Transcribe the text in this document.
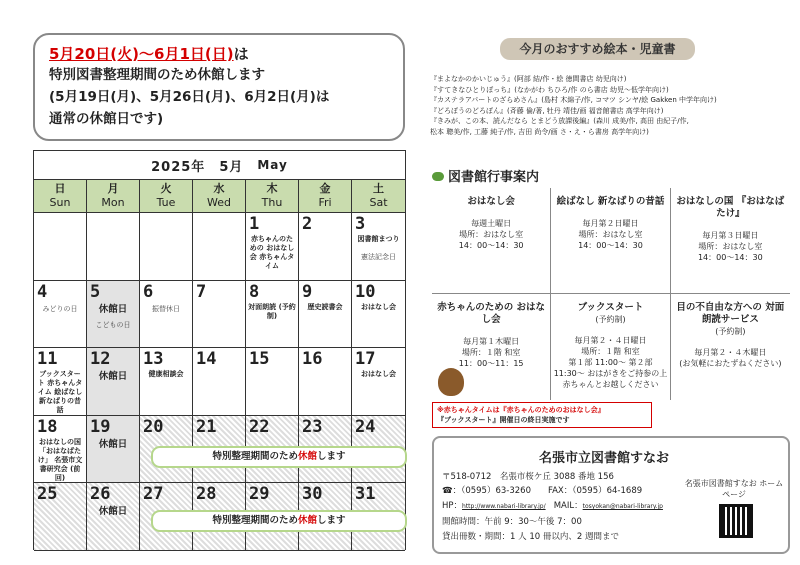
5月20日(火)〜6月1日(日)は
特別図書整理期間のため休館します
(5月19日(月)、5月26日(月)、6月2日(月)は
通常の休館日です)
2025年 5月 May
日
Sun
月
Mon
火
Tue
水
Wed
木
Thu
金
Fri
土
Sat
1
赤ちゃんのための おはなし会 赤ちゃんタイム
2	3
図書館まつり
憲法記念日
4
みどりの日
5
休館日
こどもの日
6
振替休日
7	8
対面朗読 (予約制)
9
歴史読書会
10
おはなし会
11
ブックスタート 赤ちゃんタイム 絵ばなし 新なばりの昔話
12
休館日
13
健康相談会
14 15 16 17
おはなし会
18
おはなしの国 「おはなばたけ」 名張市文書研究会 (前回)
19
休館日
20 21 22 23 24
25 26
休館日
27 28 29 30 31
特別整理期間のため休館します
特別整理期間のため休館します
今月のおすすめ絵本・児童書
『まよなかのかいじゅう』(阿部 結/作・絵 徳間書店 幼児向け)
『すてきなひとりぼっち』(なかがわ ちひろ/作 のら書店 幼児〜低学年向け)
『カステラアパートのざらめさん』(島村 木綿子/作, コマツ シンヤ/絵 Gakken 中学年向け)
『どろぼうのどろぼん』(斉藤 倫/著, 牡丹 靖佳/画 福音館書店 高学年向け)
『きみが、この本、読んだなら とまどう放課後編』(森川 成美/作, 高田 由紀子/作,
松本 聰美/作, 工藤 純子/作, 吉田 尚令/画 さ・え・ら書房 高学年向け)
図書館行事案内
おはなし会
毎週土曜日
場所：おはなし室
14：00〜14：30
絵ばなし 新なばりの昔話
毎月第２日曜日
場所：おはなし室
14：00〜14：30
おはなしの国 『おはなばたけ』
毎月第３日曜日
場所：おはなし室
14：00〜14：30
赤ちゃんのための おはなし会
毎月第１木曜日
場所：１階 和室
11：00〜11：15
ブックスタート
(予約制)
毎月第２・４日曜日
場所：１階 和室
第１部 11:00〜 第２部 11:30〜 おはがきをご持参の上 赤ちゃんとお越しください
目の不自由な方への 対面朗読サービス
(予約制)
毎月第２・４木曜日
(お気軽におたずねください)
※赤ちゃんタイムは『赤ちゃんのためのおはなし会』
『ブックスタート』開催日の終日実施です
名張市立図書館すなお
〒518-0712　名張市桜ケ丘 3088 番地 156
☎：（0595）63-3260　　FAX：（0595）64-1689
HP：http://www.nabari-library.jp/ MAIL：tosyokan@nabari-library.jp
開館時間：午前 9：30〜午後 7：00
貸出冊数・期間：1 人 10 冊以内、2 週間まで
名張市図書館すなお ホームページ
